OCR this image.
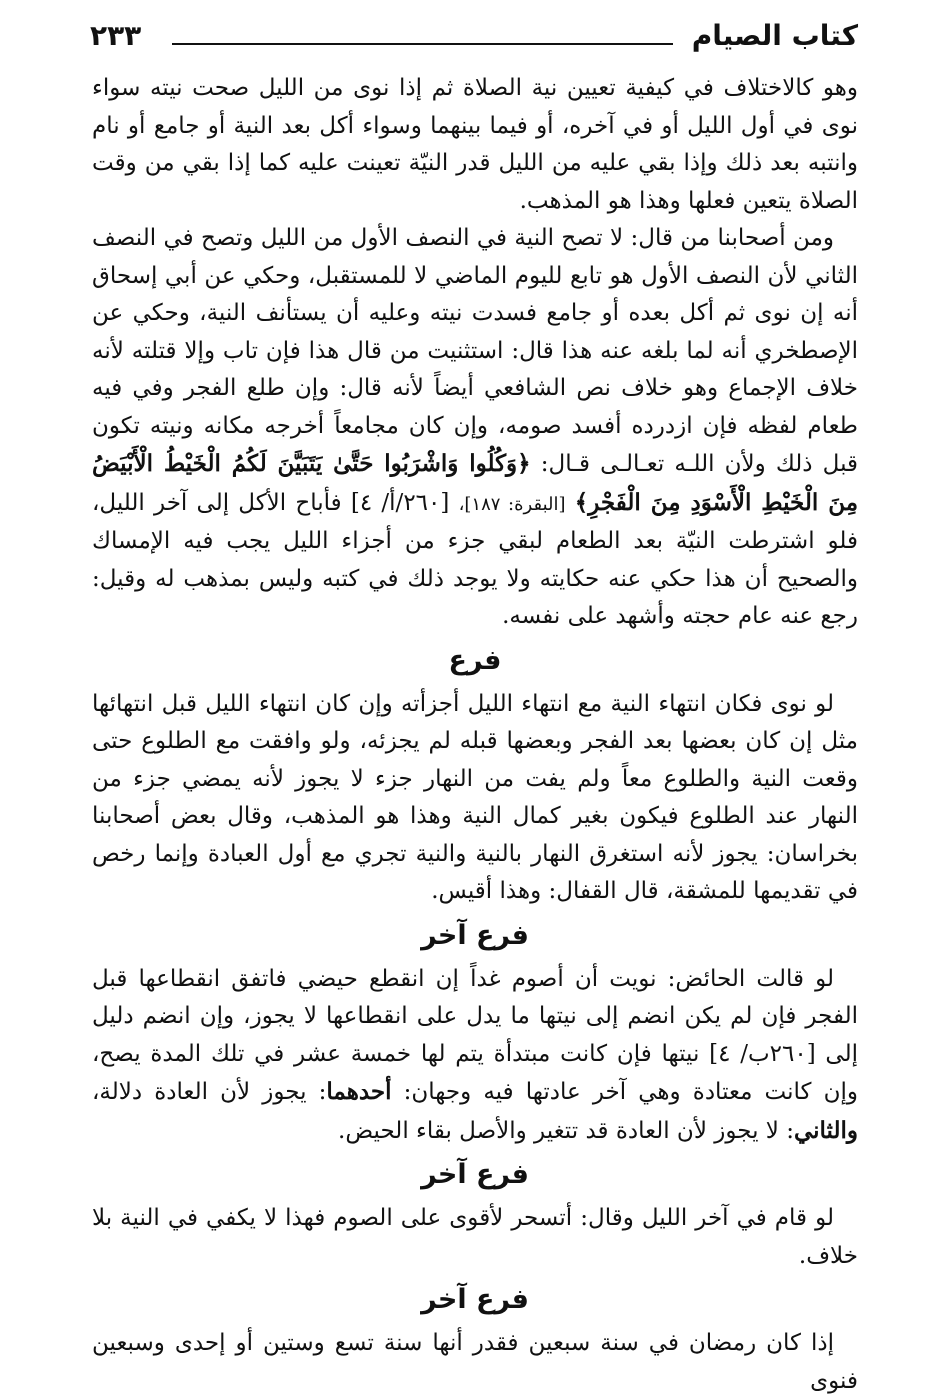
كتاب الصيام
٢٣٣

وهو كالاختلاف في كيفية تعيين نية الصلاة ثم إذا نوى من الليل صحت نيته سواء نوى في أول الليل أو في آخره، أو فيما بينهما وسواء أكل بعد النية أو جامع أو نام وانتبه بعد ذلك وإذا بقي عليه من الليل قدر النيّة تعينت عليه كما إذا بقي من وقت الصلاة يتعين فعلها وهذا هو المذهب.

ومن أصحابنا من قال: لا تصح النية في النصف الأول من الليل وتصح في النصف الثاني لأن النصف الأول هو تابع لليوم الماضي لا للمستقبل، وحكي عن أبي إسحاق أنه إن نوى ثم أكل بعده أو جامع فسدت نيته وعليه أن يستأنف النية، وحكي عن الإصطخري أنه لما بلغه عنه هذا قال: استثنيت من قال هذا فإن تاب وإلا قتلته لأنه خلاف الإجماع وهو خلاف نص الشافعي أيضاً لأنه قال: وإن طلع الفجر وفي فيه طعام لفظه فإن ازدرده أفسد صومه، وإن كان مجامعاً أخرجه مكانه ونيته تكون قبل ذلك ولأن اللـه تعـالـى قـال: ﴿وَكُلُوا وَاشْرَبُوا حَتَّىٰ يَتَبَيَّنَ لَكُمُ الْخَيْطُ الْأَبْيَضُ مِنَ الْخَيْطِ الْأَسْوَدِ مِنَ الْفَجْرِ﴾ [البقرة: ١٨٧]، [٢٦٠/أ/ ٤] فأباح الأكل إلى آخر الليل، فلو اشترطت النيّة بعد الطعام لبقي جزء من أجزاء الليل يجب فيه الإمساك والصحيح أن هذا حكي عنه حكايته ولا يوجد ذلك في كتبه وليس بمذهب له وقيل: رجع عنه عام حجته وأشهد على نفسه.

فرع

لو نوى فكان انتهاء النية مع انتهاء الليل أجزأته وإن كان انتهاء الليل قبل انتهائها مثل إن كان بعضها بعد الفجر وبعضها قبله لم يجزئه، ولو وافقت مع الطلوع حتى وقعت النية والطلوع معاً ولم يفت من النهار جزء لا يجوز لأنه يمضي جزء من النهار عند الطلوع فيكون بغير كمال النية وهذا هو المذهب، وقال بعض أصحابنا بخراسان: يجوز لأنه استغرق النهار بالنية والنية تجري مع أول العبادة وإنما رخص في تقديمها للمشقة، قال القفال: وهذا أقيس.

فرع آخر

لو قالت الحائض: نويت أن أصوم غداً إن انقطع حيضي فاتفق انقطاعها قبل الفجر فإن لم يكن انضم إلى نيتها ما يدل على انقطاعها لا يجوز، وإن انضم دليل إلى [٢٦٠ب/ ٤] نيتها فإن كانت مبتدأة يتم لها خمسة عشر في تلك المدة يصح، وإن كانت معتادة وهي آخر عادتها فيه وجهان: أحدهما: يجوز لأن العادة دلالة، والثاني: لا يجوز لأن العادة قد تتغير والأصل بقاء الحيض.

فرع آخر

لو قام في آخر الليل وقال: أتسحر لأقوى على الصوم فهذا لا يكفي في النية بلا خلاف.

فرع آخر

إذا كان رمضان في سنة سبعين فقدر أنها سنة تسع وستين أو إحدى وسبعين فنوى
